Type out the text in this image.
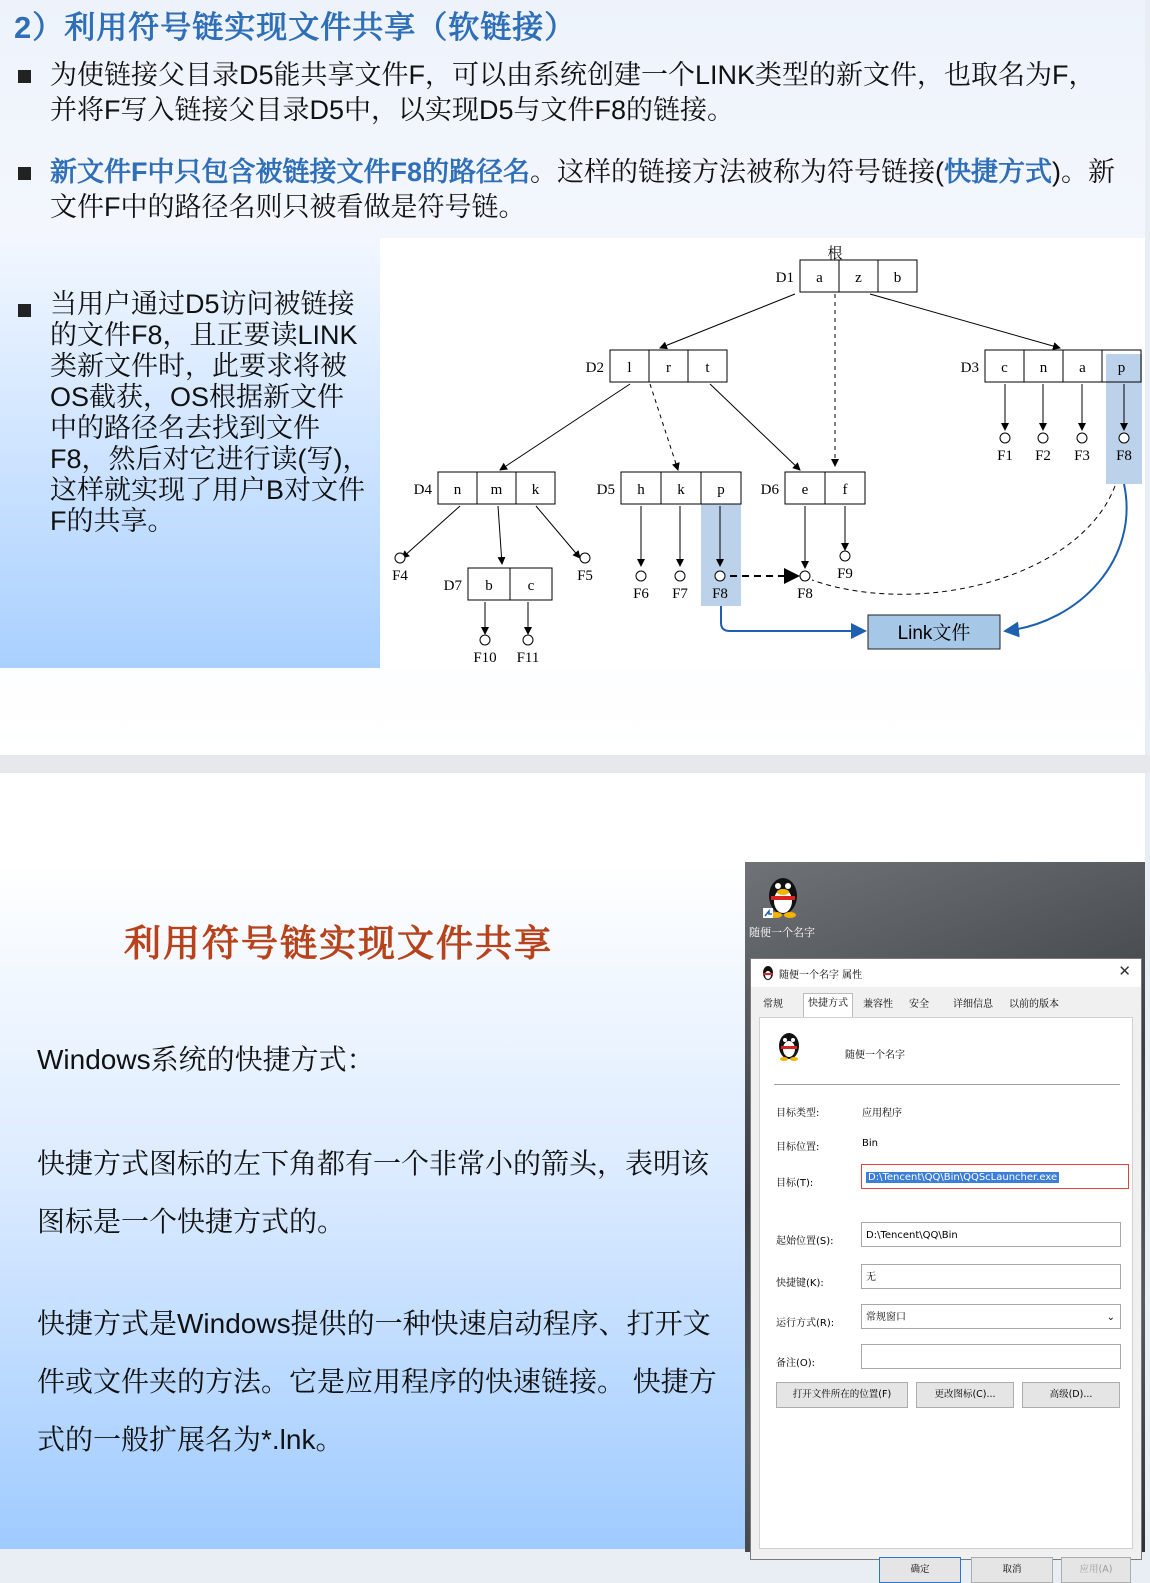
2）利用符号链实现文件共享（软链接）
为使链接父目录D5能共享文件F，可以由系统创建一个LINK类型的新文件，也取名为F，并将F写入链接父目录D5中，以实现D5与文件F8的链接。
新文件F中只包含被链接文件F8的路径名。这样的链接方法被称为符号链接(快捷方式)。新文件F中的路径名则只被看做是符号链。
当用户通过D5访问被链接的文件F8，且正要读LINK类新文件时，此要求将被OS截获，OS根据新文件中的路径名去找到文件F8，然后对它进行读(写)，这样就实现了用户B对文件F的共享。
根
D1 a z b
D2 l r t	D3 c n a p
D4 n m k	D5 h k p D6 e f
D7 b c
F1 F2 F3 F8
F4	F5
F6 F7 F8	F8
F9
F10 F11
Link文件
利用符号链实现文件共享
Windows系统的快捷方式：
快捷方式图标的左下角都有一个非常小的箭头，表明该图标是一个快捷方式的。
快捷方式是Windows提供的一种快速启动程序、打开文件或文件夹的方法。它是应用程序的快速链接。 快捷方式的一般扩展名为*.lnk。
随便一个名字
随便一个名字 属性	✕
常规	快捷方式	兼容性	安全	详细信息	以前的版本
随便一个名字
目标类型:	应用程序
目标位置:	Bin
目标(T):
D:\Tencent\QQ\Bin\QQScLauncher.exe
起始位置(S):
D:\Tencent\QQ\Bin
快捷键(K):
无
运行方式(R):
常规窗口	⌄
备注(O):
打开文件所在的位置(F)	更改图标(C)...	高级(D)...
确定	取消	应用(A)
